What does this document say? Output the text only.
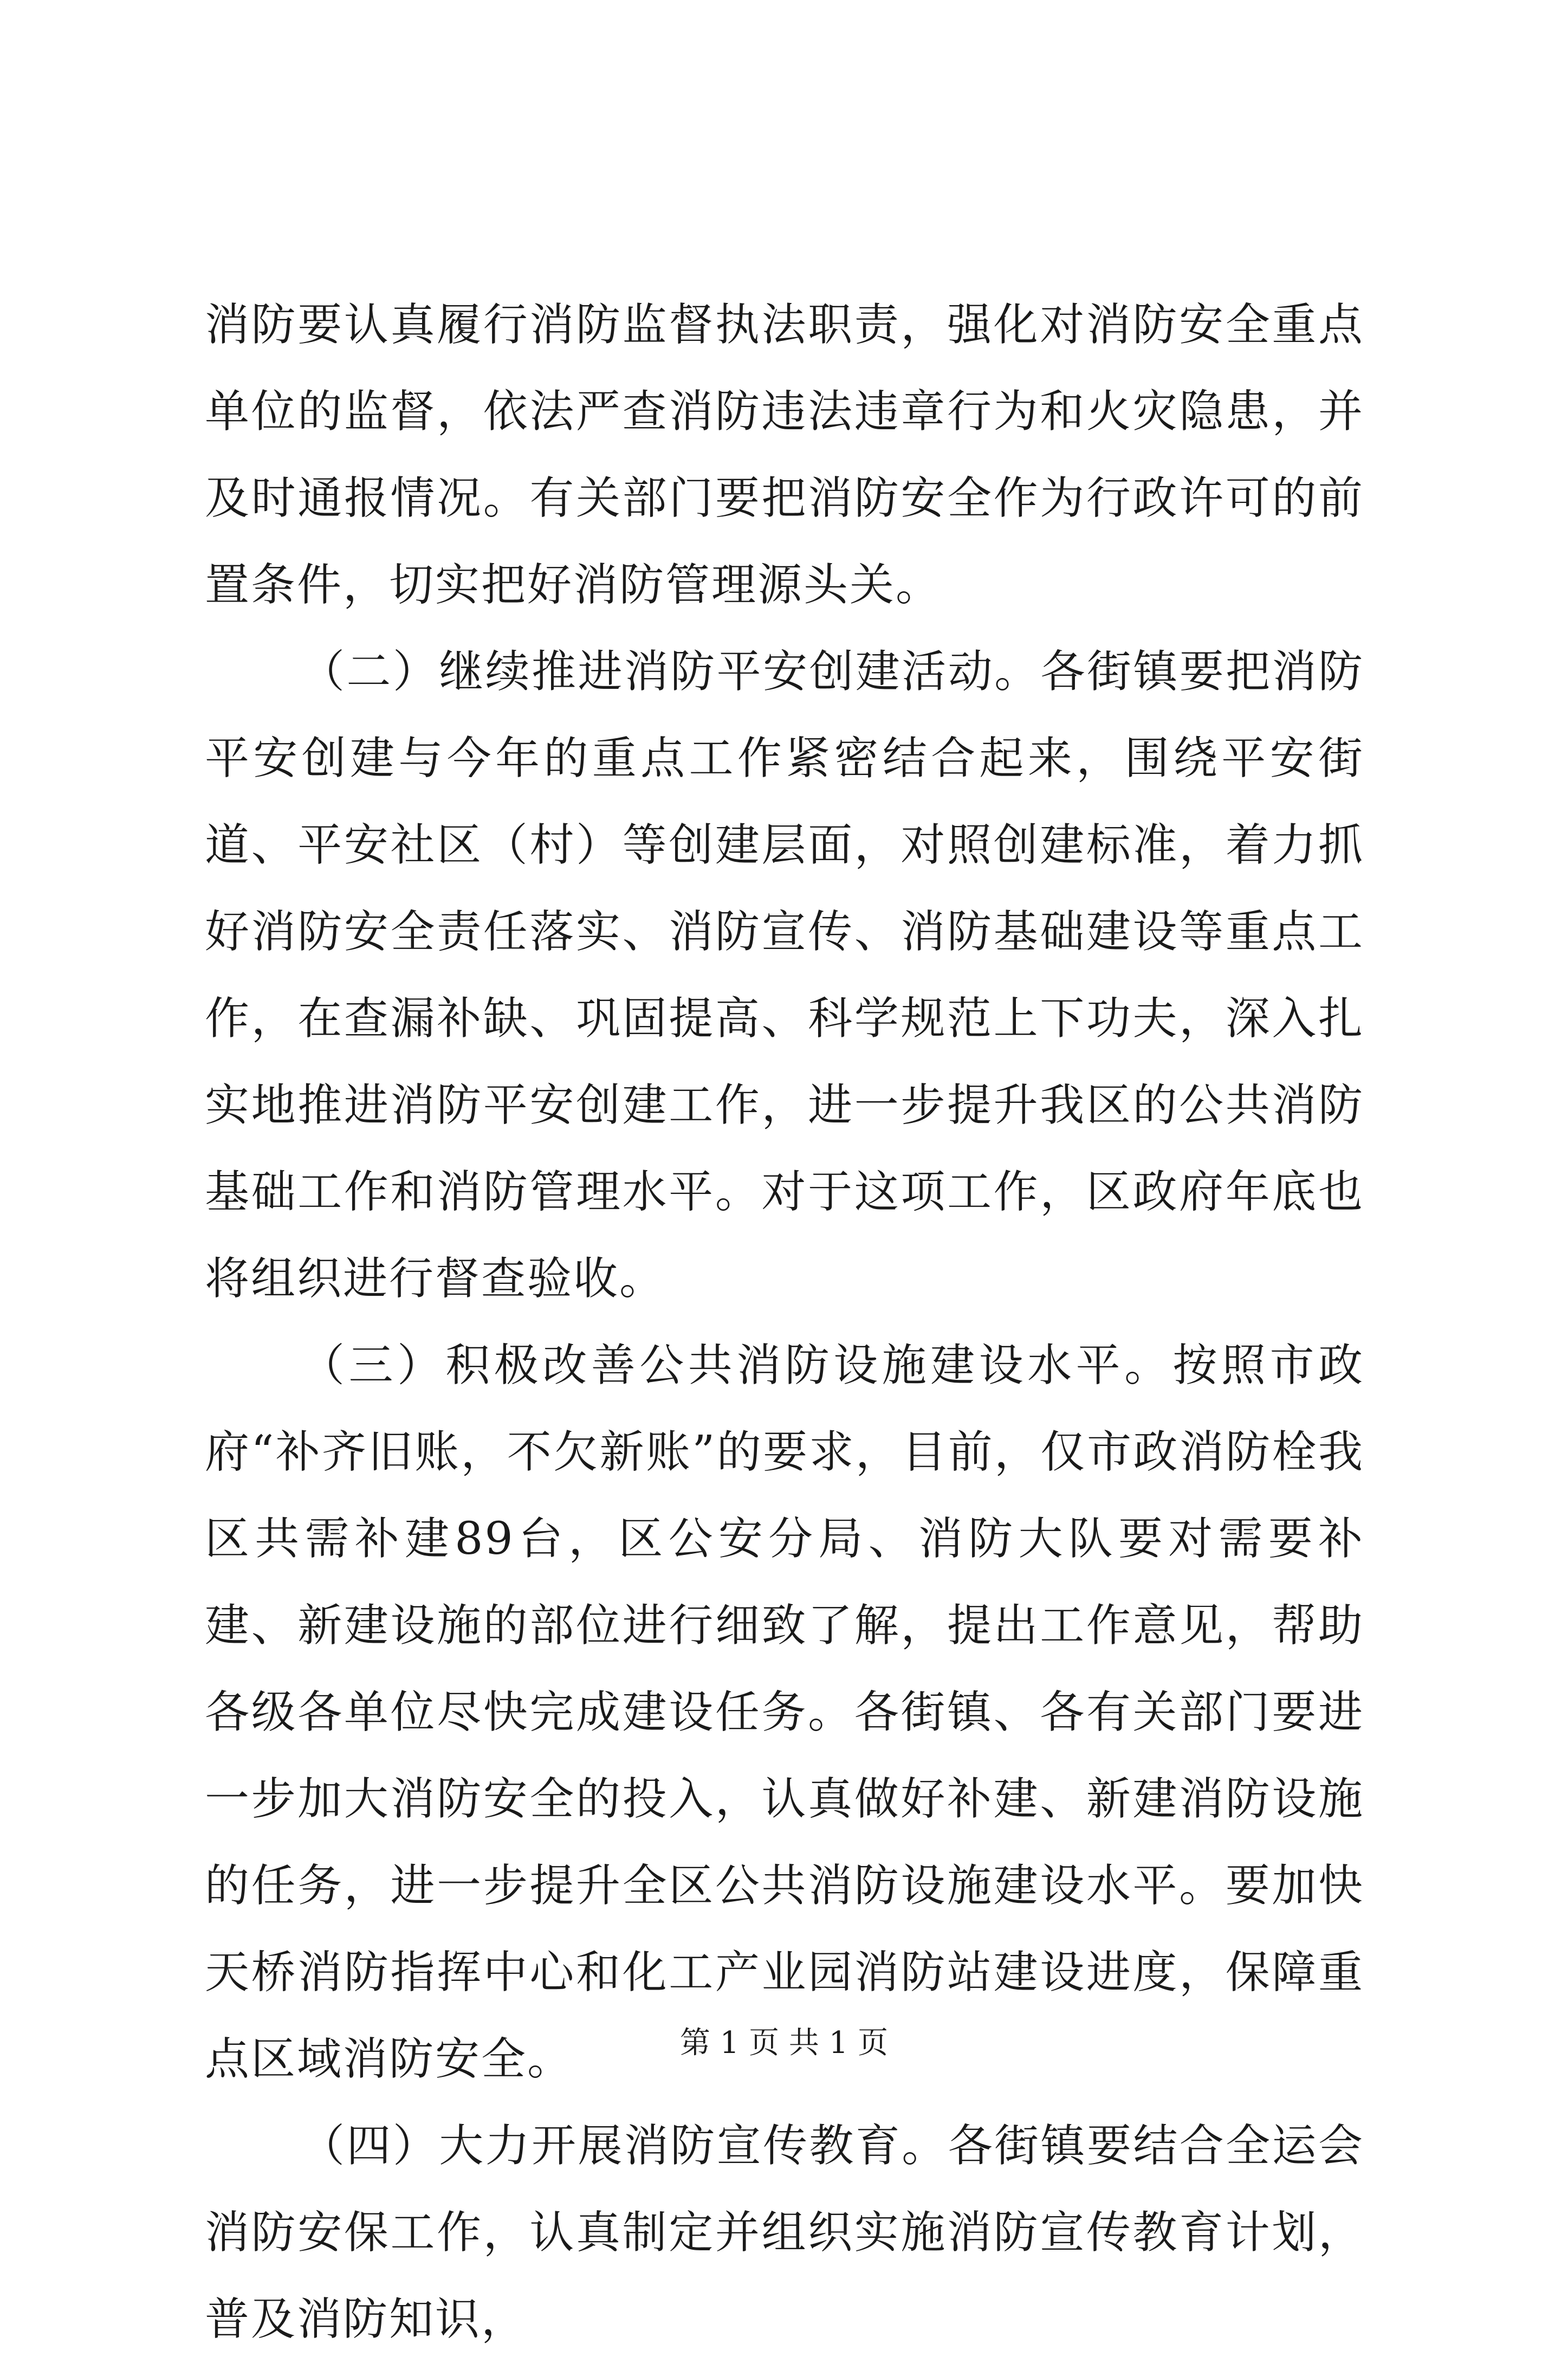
消防要认真履行消防监督执法职责，强化对消防安全重点单位的监督，依法严查消防违法违章行为和火灾隐患，并及时通报情况。有关部门要把消防安全作为行政许可的前置条件，切实把好消防管理源头关。

（二）继续推进消防平安创建活动。各街镇要把消防平安创建与今年的重点工作紧密结合起来，围绕平安街道、平安社区（村）等创建层面，对照创建标准，着力抓好消防安全责任落实、消防宣传、消防基础建设等重点工作，在查漏补缺、巩固提高、科学规范上下功夫，深入扎实地推进消防平安创建工作，进一步提升我区的公共消防基础工作和消防管理水平。对于这项工作，区政府年底也将组织进行督查验收。

（三）积极改善公共消防设施建设水平。按照市政府“补齐旧账，不欠新账”的要求，目前，仅市政消防栓我区共需补建89台，区公安分局、消防大队要对需要补建、新建设施的部位进行细致了解，提出工作意见，帮助各级各单位尽快完成建设任务。各街镇、各有关部门要进一步加大消防安全的投入，认真做好补建、新建消防设施的任务，进一步提升全区公共消防设施建设水平。要加快天桥消防指挥中心和化工产业园消防站建设进度，保障重点区域消防安全。

（四）大力开展消防宣传教育。各街镇要结合全运会消防安保工作，认真制定并组织实施消防宣传教育计划，普及消防知识，

第 1 页 共 1 页
